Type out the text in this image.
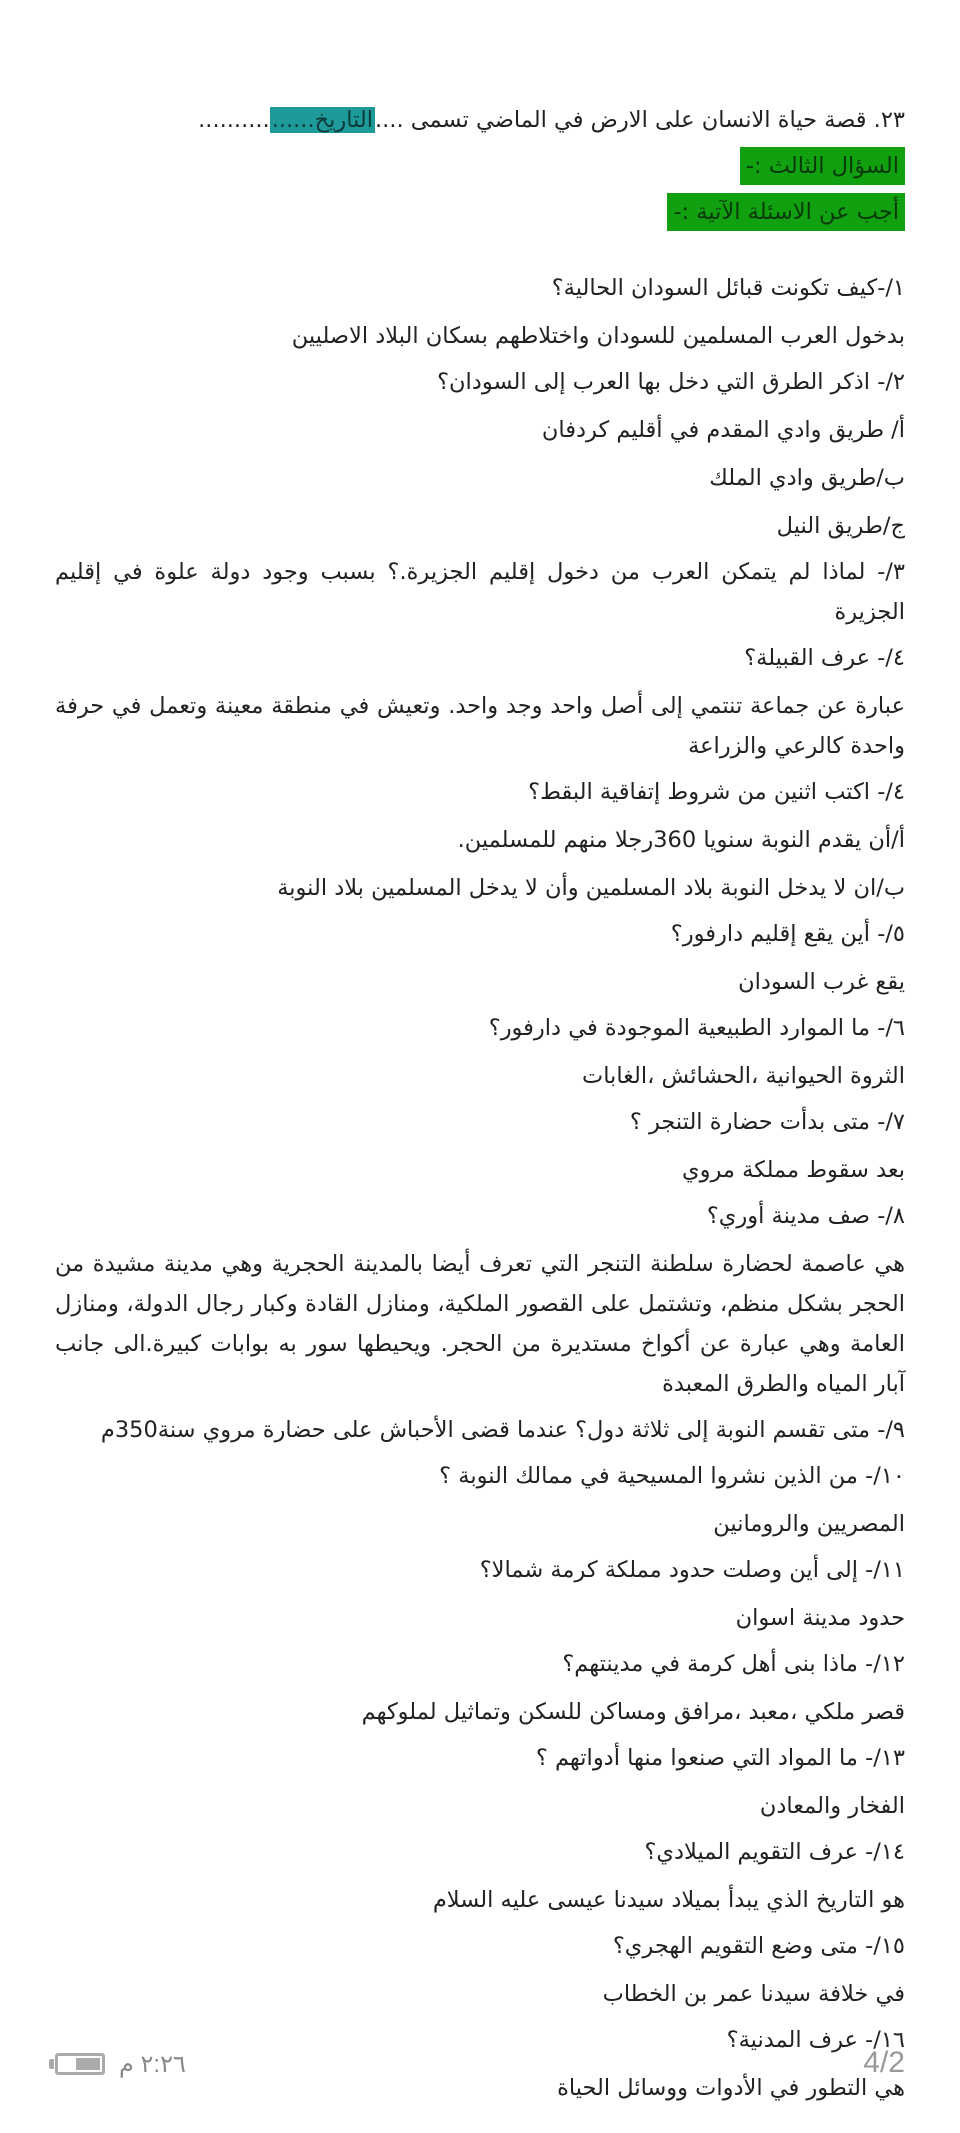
٢٣. قصة حياة الانسان على الارض في الماضي تسمى ....التاريخ................
السؤال الثالث :-
أجب عن الاسئلة الآتية :-
١/-كيف تكونت قبائل السودان الحالية؟
بدخول العرب المسلمين للسودان واختلاطهم بسكان البلاد الاصليين
٢/- اذكر الطرق التي دخل بها العرب إلى السودان؟
أ/ طريق وادي المقدم في أقليم كردفان
ب/طريق وادي الملك
ج/طريق النيل
٣/- لماذا لم يتمكن العرب من دخول إقليم الجزيرة.؟ بسبب وجود دولة علوة في إقليم الجزيرة
٤/- عرف القبيلة؟
عبارة عن جماعة تنتمي إلى أصل واحد وجد واحد. وتعيش في منطقة معينة وتعمل في حرفة واحدة كالرعي والزراعة
٤/- اكتب اثنين من شروط إتفاقية البقط؟
أ/أن يقدم النوبة سنويا 360رجلا منهم للمسلمين.
ب/ان لا يدخل النوبة بلاد المسلمين وأن لا يدخل المسلمين بلاد النوبة
٥/- أين يقع إقليم دارفور؟
يقع غرب السودان
٦/- ما الموارد الطبيعية الموجودة في دارفور؟
الثروة الحيوانية ،الحشائش ،الغابات
٧/- متى بدأت حضارة التنجر ؟
بعد سقوط مملكة مروي
٨/- صف مدينة أوري؟
هي عاصمة لحضارة سلطنة التنجر التي تعرف أيضا بالمدينة الحجرية وهي مدينة مشيدة من الحجر بشكل منظم، وتشتمل على القصور الملكية، ومنازل القادة وكبار رجال الدولة، ومنازل العامة وهي عبارة عن أكواخ مستديرة من الحجر. ويحيطها سور به بوابات كبيرة.الى جانب آبار المياه والطرق المعبدة
٩/- متى تقسم النوبة إلى ثلاثة دول؟ عندما قضى الأحباش على حضارة مروي سنة350م
١٠/- من الذين نشروا المسيحية في ممالك النوبة ؟
المصريين والرومانين
١١/- إلى أين وصلت حدود مملكة كرمة شمالا؟
حدود مدينة اسوان
١٢/- ماذا بنى أهل كرمة في مدينتهم؟
قصر ملكي ،معبد ،مرافق ومساكن للسكن وتماثيل لملوكهم
١٣/- ما المواد التي صنعوا منها أدواتهم ؟
الفخار والمعادن
١٤/- عرف التقويم الميلادي؟
هو التاريخ الذي يبدأ بميلاد سيدنا عيسى عليه السلام
١٥/- متى وضع التقويم الهجري؟
في خلافة سيدنا عمر بن الخطاب
١٦/- عرف المدنية؟
هي التطور في الأدوات ووسائل الحياة
٢:٢٦ م	4/2
